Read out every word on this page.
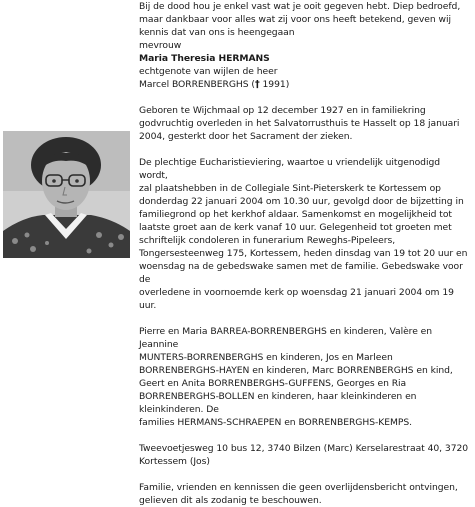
Bij de dood hou je enkel vast wat je ooit gegeven hebt. Diep bedroefd,
maar dankbaar voor alles wat zij voor ons heeft betekend, geven wij
kennis dat van ons is heengegaan

mevrouw

Maria Theresia HERMANS

echtgenote van wijlen de heer

Marcel BORRENBERGHS († 1991)

Geboren te Wijchmaal op 12 december 1927 en in familiekring
godvruchtig overleden in het Salvatorrusthuis te Hasselt op 18 januari
2004, gesterkt door het Sacrament der zieken.

De plechtige Eucharistieviering, waartoe u vriendelijk uitgenodigd wordt,
zal plaatshebben in de Collegiale Sint-Pieterskerk te Kortessem op
donderdag 22 januari 2004 om 10.30 uur, gevolgd door de bijzetting in
familiegrond op het kerkhof aldaar. Samenkomst en mogelijkheid tot
laatste groet aan de kerk vanaf 10 uur. Gelegenheid tot groeten met
schriftelijk condoleren in funerarium Reweghs-Pipeleers,
Tongersesteenweg 175, Kortessem, heden dinsdag van 19 tot 20 uur en
woensdag na de gebedswake samen met de familie. Gebedswake voor de
overledene in voornoemde kerk op woensdag 21 januari 2004 om 19 uur.

Pierre en Maria BARREA-BORRENBERGHS en kinderen, Valère en Jeannine
MUNTERS-BORRENBERGHS en kinderen, Jos en Marleen
BORRENBERGHS-HAYEN en kinderen, Marc BORRENBERGHS en kind,
Geert en Anita BORRENBERGHS-GUFFENS, Georges en Ria
BORRENBERGHS-BOLLEN en kinderen, haar kleinkinderen en kleinkinderen. De
families HERMANS-SCHRAEPEN en BORRENBERGHS-KEMPS.

Tweevoetjesweg 10 bus 12, 3740 Bilzen (Marc) Kerselarestraat 40, 3720
Kortessem (Jos)

Familie, vrienden en kennissen die geen overlijdensbericht ontvingen,
gelieven dit als zodanig te beschouwen.
